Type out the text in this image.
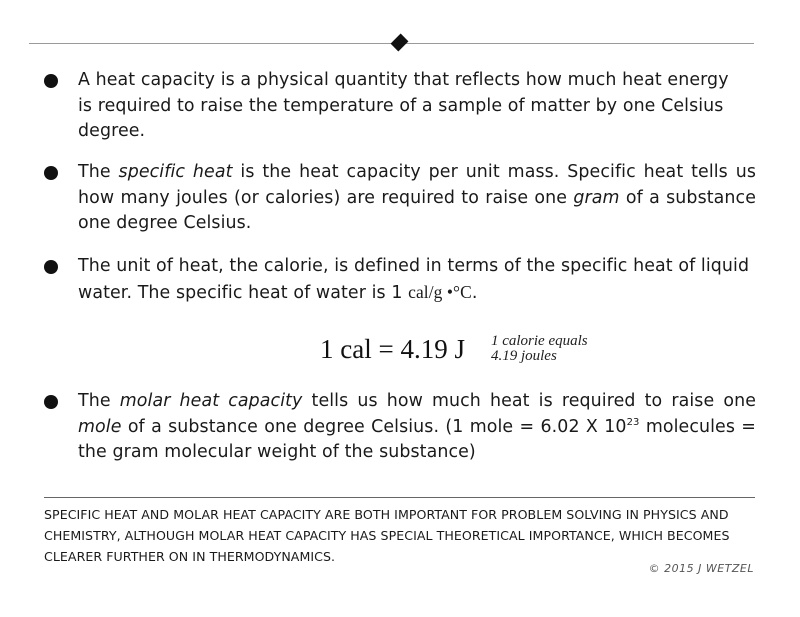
A heat capacity is a physical quantity that reflects how much heat energy
is required to raise the temperature of a sample of matter by one Celsius
degree.
The specific heat is the heat capacity per unit mass. Specific heat tells us how many joules (or calories) are required to raise one gram of a substance one degree Celsius.
The unit of heat, the calorie, is defined in terms of the specific heat of liquid
water. The specific heat of water is 1 cal/g •°C.
1 cal = 4.19 J 1 calorie equals
4.19 joules
The molar heat capacity tells us how much heat is required to raise one mole of a substance one degree Celsius. (1 mole = 6.02 X $10^{23}$ molecules = the gram molecular weight of the substance)
SPECIFIC HEAT AND MOLAR HEAT CAPACITY ARE BOTH IMPORTANT FOR PROBLEM SOLVING IN PHYSICS AND CHEMISTRY, ALTHOUGH MOLAR HEAT CAPACITY HAS SPECIAL THEORETICAL IMPORTANCE, WHICH BECOMES CLEARER FURTHER ON IN THERMODYNAMICS.
© 2015 J WETZEL
